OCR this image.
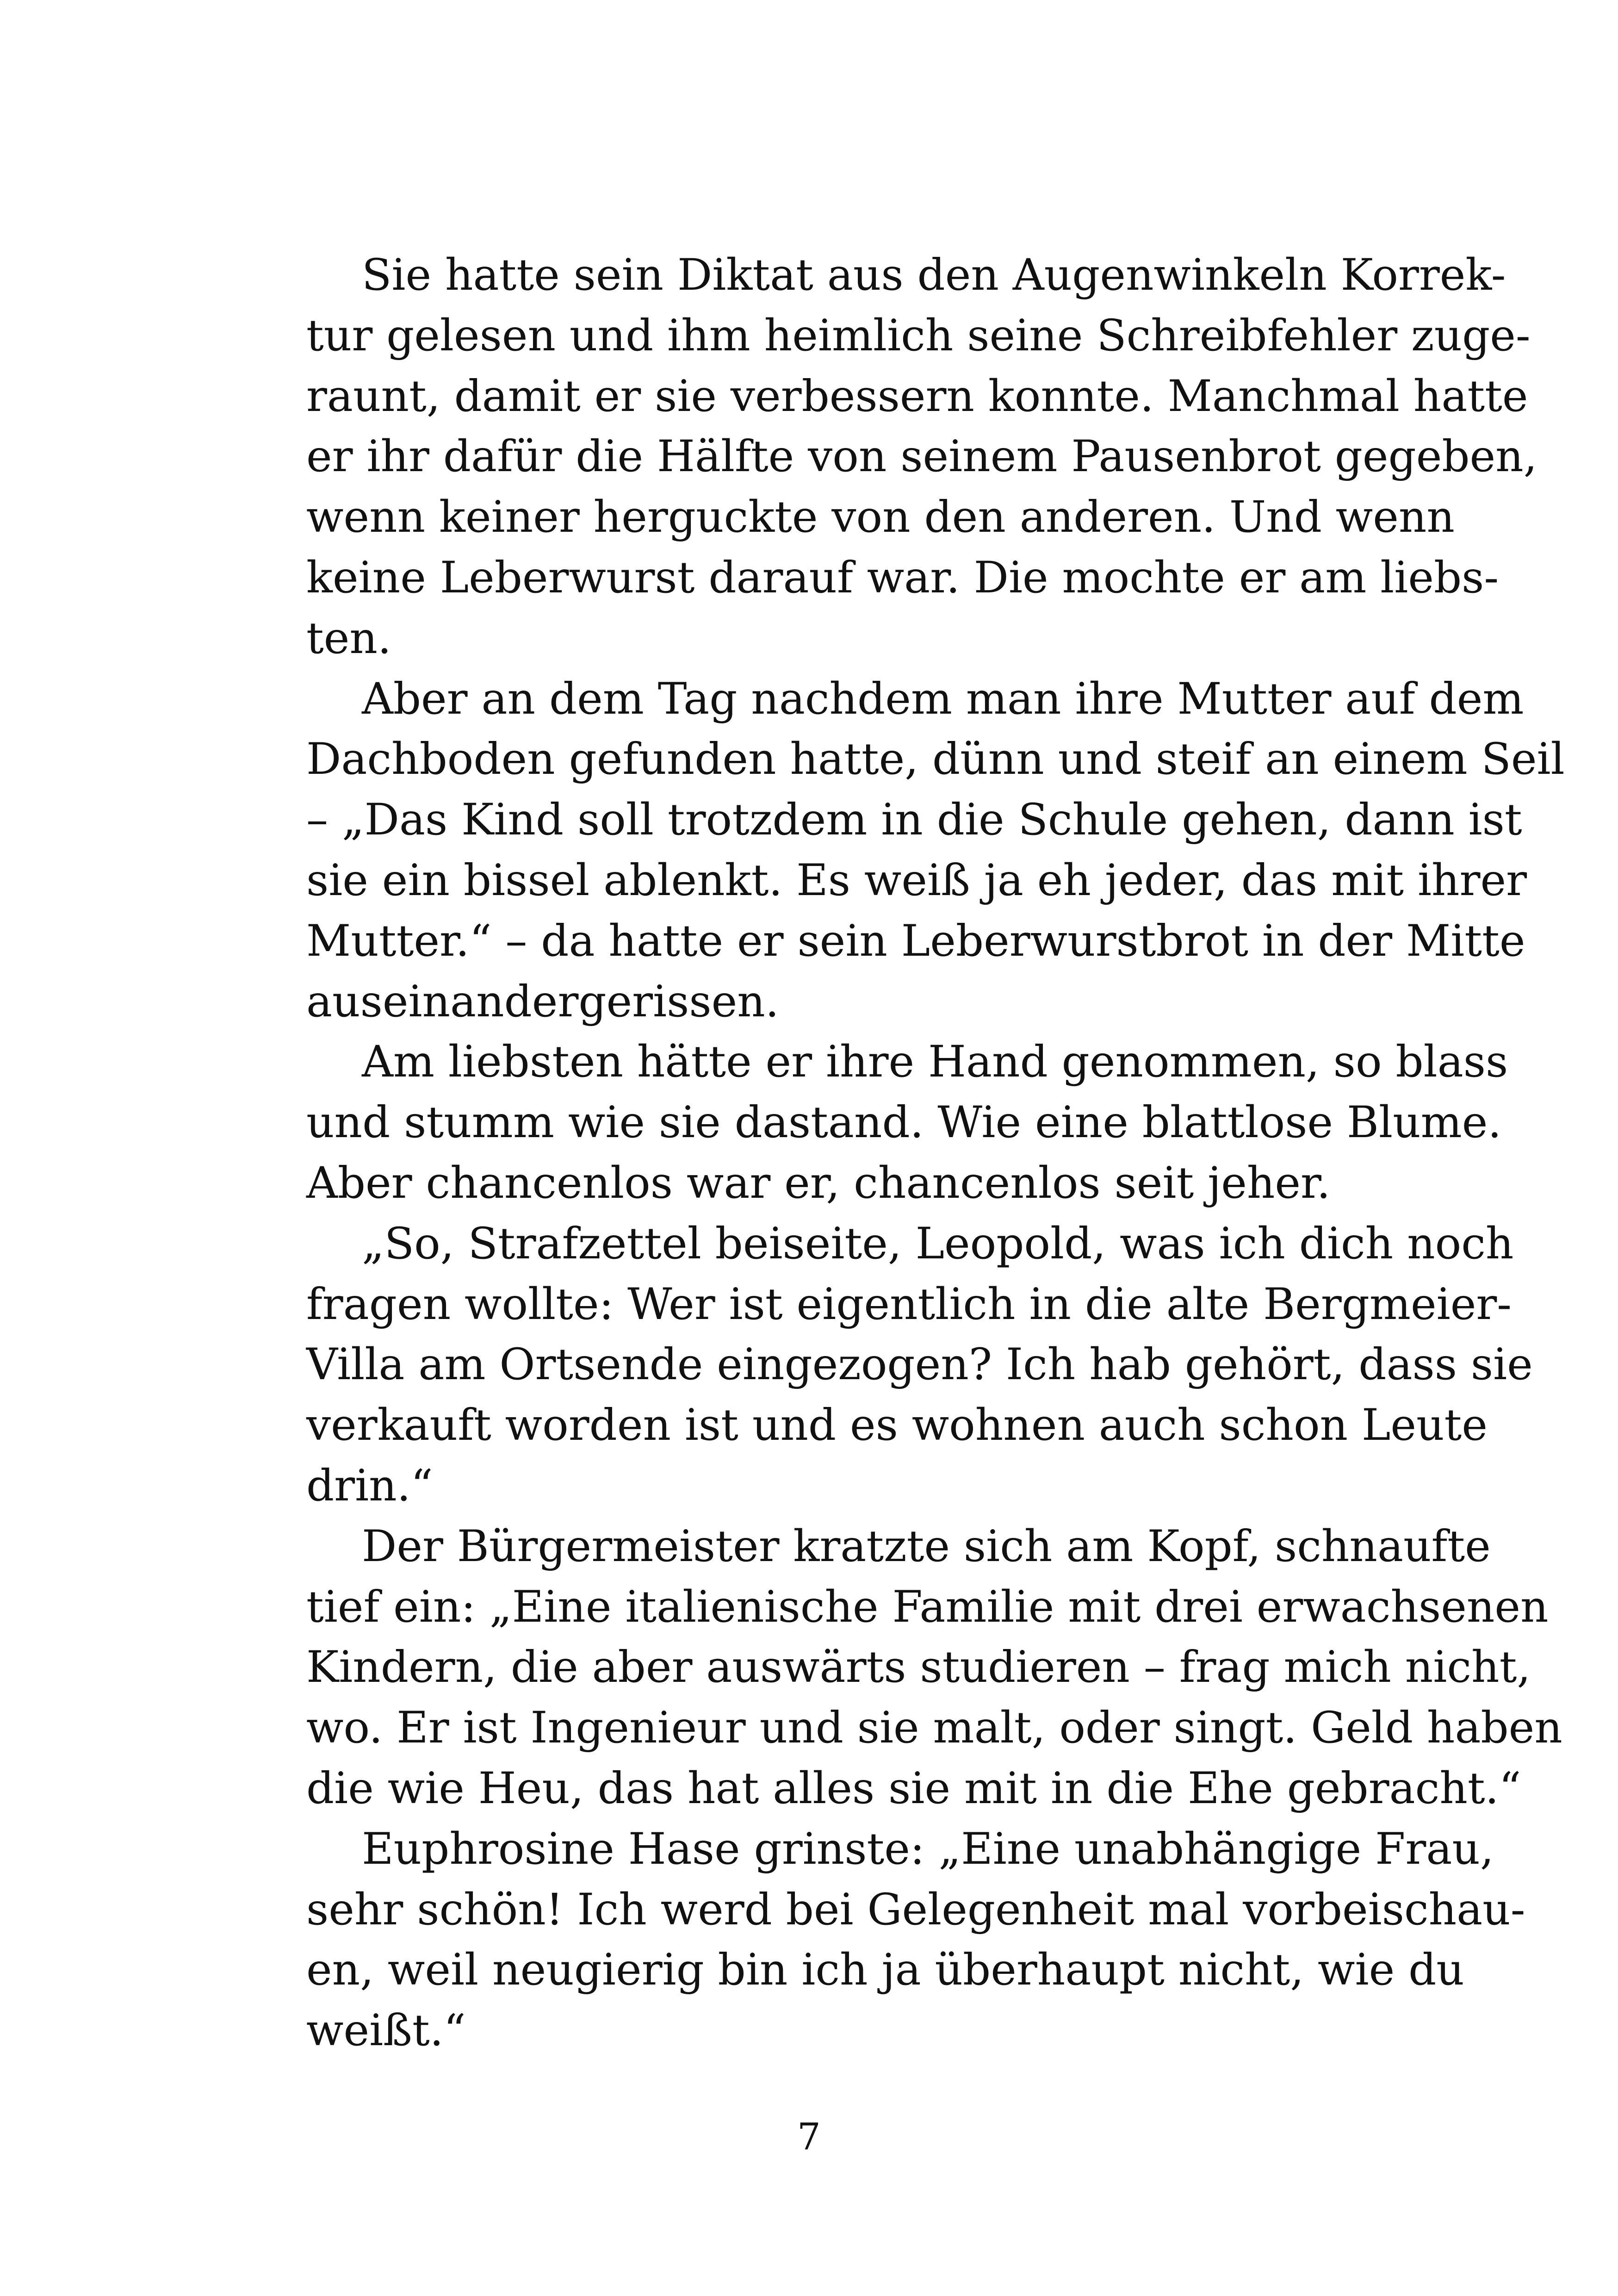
Sie hatte sein Diktat aus den Augenwinkeln Korrek-
tur gelesen und ihm heimlich seine Schreibfehler zuge-
raunt, damit er sie verbessern konnte. Manchmal hatte
er ihr dafür die Hälfte von seinem Pausenbrot gegeben,
wenn keiner herguckte von den anderen. Und wenn
keine Leberwurst darauf war. Die mochte er am liebs-
ten.
Aber an dem Tag nachdem man ihre Mutter auf dem
Dachboden gefunden hatte, dünn und steif an einem Seil
– „Das Kind soll trotzdem in die Schule gehen, dann ist
sie ein bissel ablenkt. Es weiß ja eh jeder, das mit ihrer
Mutter.“ – da hatte er sein Leberwurstbrot in der Mitte
auseinandergerissen.
Am liebsten hätte er ihre Hand genommen, so blass
und stumm wie sie dastand. Wie eine blattlose Blume.
Aber chancenlos war er, chancenlos seit jeher.
„So, Strafzettel beiseite, Leopold, was ich dich noch
fragen wollte: Wer ist eigentlich in die alte Bergmeier-
Villa am Ortsende eingezogen? Ich hab gehört, dass sie
verkauft worden ist und es wohnen auch schon Leute
drin.“
Der Bürgermeister kratzte sich am Kopf, schnaufte
tief ein: „Eine italienische Familie mit drei erwachsenen
Kindern, die aber auswärts studieren – frag mich nicht,
wo. Er ist Ingenieur und sie malt, oder singt. Geld haben
die wie Heu, das hat alles sie mit in die Ehe gebracht.“
Euphrosine Hase grinste: „Eine unabhängige Frau,
sehr schön! Ich werd bei Gelegenheit mal vorbeischau-
en, weil neugierig bin ich ja überhaupt nicht, wie du
weißt.“
7
